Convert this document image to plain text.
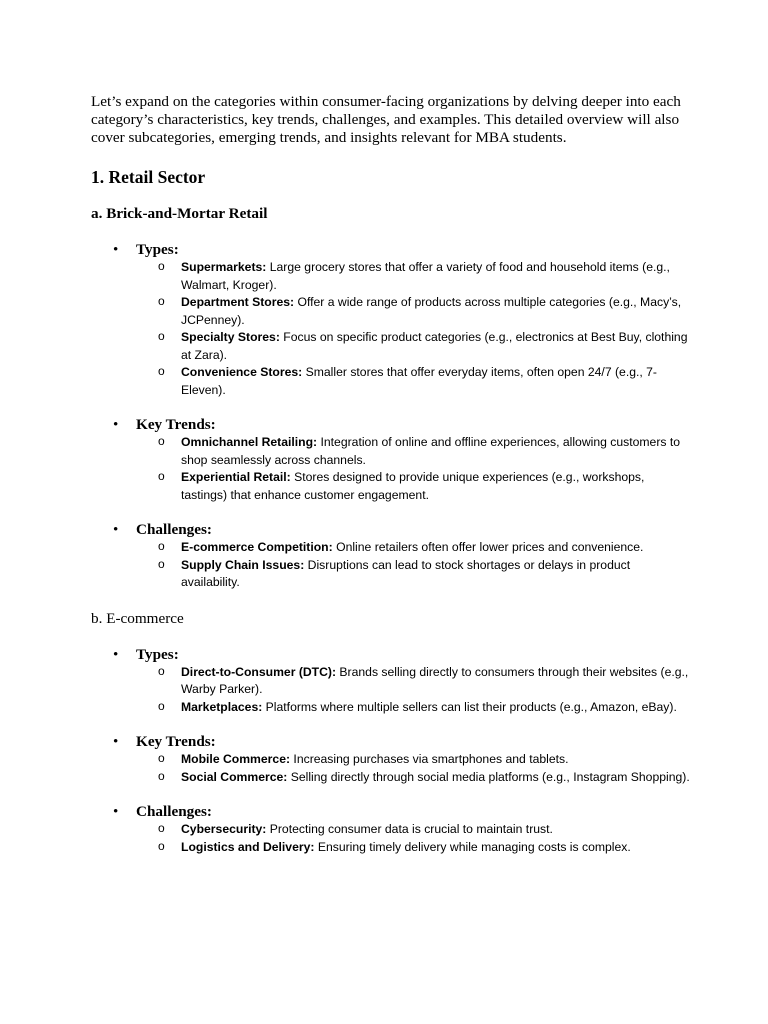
Let’s expand on the categories within consumer-facing organizations by delving deeper into each category’s characteristics, key trends, challenges, and examples. This detailed overview will also cover subcategories, emerging trends, and insights relevant for MBA students.

1. Retail Sector
a. Brick-and-Mortar Retail
• Types:
o Supermarkets: Large grocery stores that offer a variety of food and household items (e.g., Walmart, Kroger).
o Department Stores: Offer a wide range of products across multiple categories (e.g., Macy’s, JCPenney).
o Specialty Stores: Focus on specific product categories (e.g., electronics at Best Buy, clothing at Zara).
o Convenience Stores: Smaller stores that offer everyday items, often open 24/7 (e.g., 7-Eleven).
• Key Trends:
o Omnichannel Retailing: Integration of online and offline experiences, allowing customers to shop seamlessly across channels.
o Experiential Retail: Stores designed to provide unique experiences (e.g., workshops, tastings) that enhance customer engagement.
• Challenges:
o E-commerce Competition: Online retailers often offer lower prices and convenience.
o Supply Chain Issues: Disruptions can lead to stock shortages or delays in product availability.
b. E-commerce
• Types:
o Direct-to-Consumer (DTC): Brands selling directly to consumers through their websites (e.g., Warby Parker).
o Marketplaces: Platforms where multiple sellers can list their products (e.g., Amazon, eBay).
• Key Trends:
o Mobile Commerce: Increasing purchases via smartphones and tablets.
o Social Commerce: Selling directly through social media platforms (e.g., Instagram Shopping).
• Challenges:
o Cybersecurity: Protecting consumer data is crucial to maintain trust.
o Logistics and Delivery: Ensuring timely delivery while managing costs is complex.
